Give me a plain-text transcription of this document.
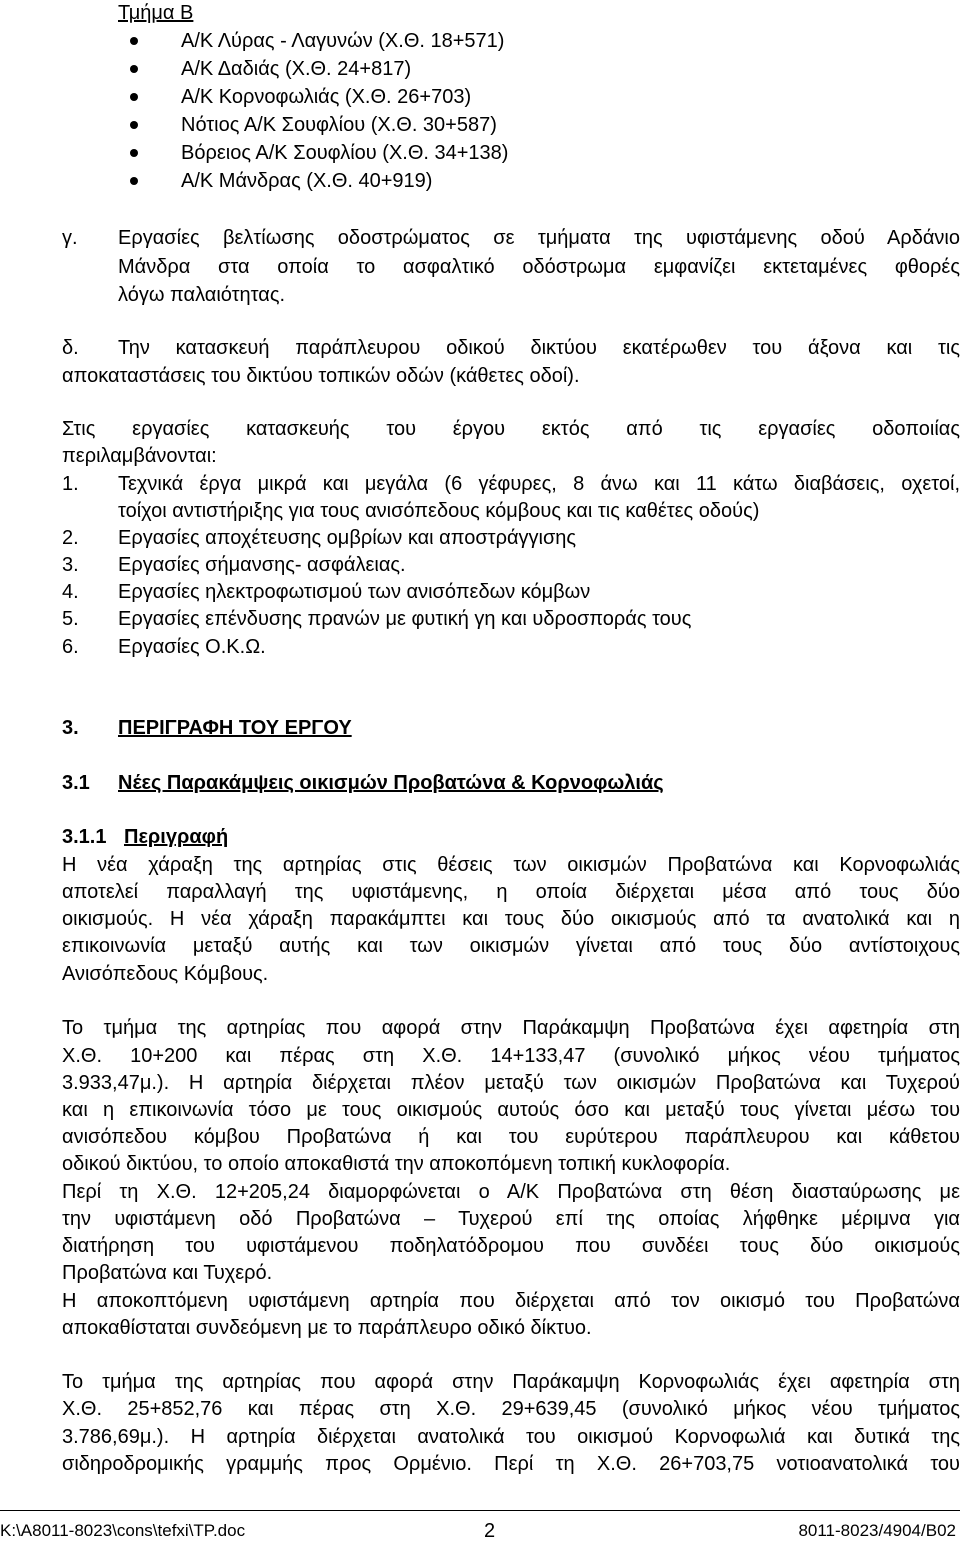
Τμήμα Β
Α/Κ Λύρας - Λαγυνών (Χ.Θ. 18+571)
Α/Κ Δαδιάς (Χ.Θ. 24+817)
Α/Κ Κορνοφωλιάς (Χ.Θ. 26+703)
Νότιος Α/Κ Σουφλίου (Χ.Θ. 30+587)
Βόρειος Α/Κ Σουφλίου (Χ.Θ. 34+138)
Α/Κ Μάνδρας (Χ.Θ. 40+919)
γ. Εργασίες βελτίωσης οδοστρώματος σε τμήματα της υφιστάμενης οδού Αρδάνιο
Μάνδρα στα οποία το ασφαλτικό οδόστρωμα εμφανίζει εκτεταμένες φθορές
λόγω παλαιότητας.
δ. Την κατασκευή παράπλευρου οδικού δικτύου εκατέρωθεν του άξονα και τις
αποκαταστάσεις του δικτύου τοπικών οδών (κάθετες οδοί).
Στις εργασίες κατασκευής του έργου εκτός από τις εργασίες οδοποιίας
περιλαμβάνονται:
1. Τεχνικά έργα μικρά και μεγάλα (6 γέφυρες, 8 άνω και 11 κάτω διαβάσεις, οχετοί,
τοίχοι αντιστήριξης για τους ανισόπεδους κόμβους και τις καθέτες οδούς)
2. Εργασίες αποχέτευσης ομβρίων και αποστράγγισης
3. Εργασίες σήμανσης- ασφάλειας.
4. Εργασίες ηλεκτροφωτισμού των ανισόπεδων κόμβων
5. Εργασίες επένδυσης πρανών με φυτική γη και υδροσποράς τους
6. Εργασίες Ο.Κ.Ω.
3. ΠΕΡΙΓΡΑΦΗ ΤΟΥ ΕΡΓΟΥ
3.1 Νέες Παρακάμψεις οικισμών Προβατώνα & Κορνοφωλιάς
3.1.1 Περιγραφή
Η νέα χάραξη της αρτηρίας στις θέσεις των οικισμών Προβατώνα και Κορνοφωλιάς
αποτελεί παραλλαγή της υφιστάμενης, η οποία διέρχεται μέσα από τους δύο
οικισμούς. Η νέα χάραξη παρακάμπτει και τους δύο οικισμούς από τα ανατολικά και η
επικοινωνία μεταξύ αυτής και των οικισμών γίνεται από τους δύο αντίστοιχους
Ανισόπεδους Κόμβους.
Το τμήμα της αρτηρίας που αφορά στην Παράκαμψη Προβατώνα έχει αφετηρία στη
Χ.Θ. 10+200 και πέρας στη Χ.Θ. 14+133,47 (συνολικό μήκος νέου τμήματος
3.933,47μ.). Η αρτηρία διέρχεται πλέον μεταξύ των οικισμών Προβατώνα και Τυχερού
και η επικοινωνία τόσο με τους οικισμούς αυτούς όσο και μεταξύ τους γίνεται μέσω του
ανισόπεδου κόμβου Προβατώνα ή και του ευρύτερου παράπλευρου και κάθετου
οδικού δικτύου, το οποίο αποκαθιστά την αποκοπόμενη τοπική κυκλοφορία.
Περί τη Χ.Θ. 12+205,24 διαμορφώνεται ο Α/Κ Προβατώνα στη θέση διασταύρωσης με
την υφιστάμενη οδό Προβατώνα – Τυχερού επί της οποίας λήφθηκε μέριμνα για
διατήρηση του υφιστάμενου ποδηλατόδρομου που συνδέει τους δύο οικισμούς
Προβατώνα και Τυχερό.
Η αποκοπτόμενη υφιστάμενη αρτηρία που διέρχεται από τον οικισμό του Προβατώνα
αποκαθίσταται συνδεόμενη με το παράπλευρο οδικό δίκτυο.
Το τμήμα της αρτηρίας που αφορά στην Παράκαμψη Κορνοφωλιάς έχει αφετηρία στη
Χ.Θ. 25+852,76 και πέρας στη Χ.Θ. 29+639,45 (συνολικό μήκος νέου τμήματος
3.786,69μ.). Η αρτηρία διέρχεται ανατολικά του οικισμού Κορνοφωλιά και δυτικά της
σιδηροδρομικής γραμμής προς Ορμένιο. Περί τη Χ.Θ. 26+703,75 νοτιοανατολικά του
K:\A8011-8023\cons\tefxi\TP.doc	2	8011-8023/4904/B02
